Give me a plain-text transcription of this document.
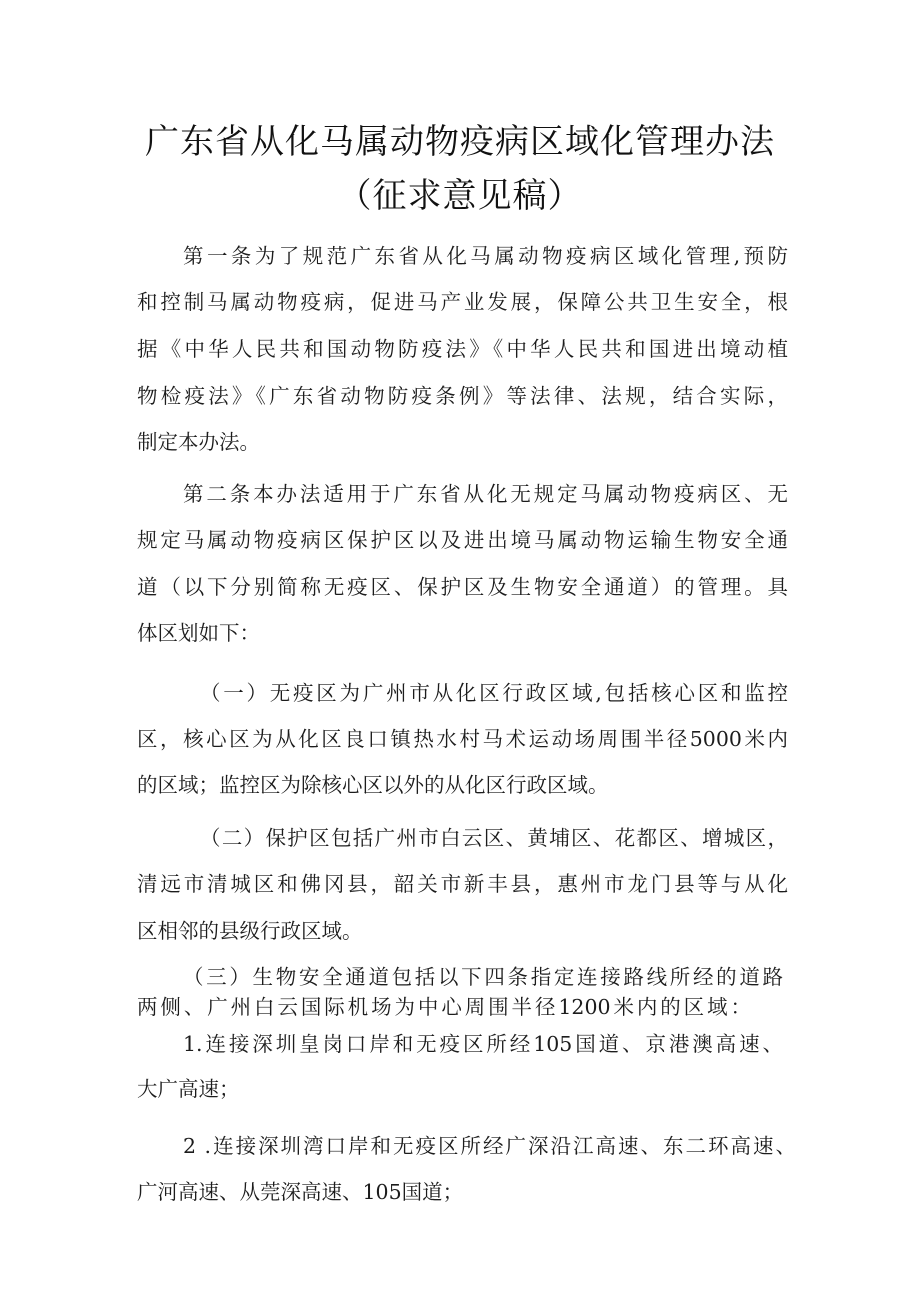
广东省从化马属动物疫病区域化管理办法
（征求意见稿）
第一条为了规范广东省从化马属动物疫病区域化管理,预防
和控制马属动物疫病，促进马产业发展，保障公共卫生安全，根
据《中华人民共和国动物防疫法》《中华人民共和国进出境动植
物检疫法》《广东省动物防疫条例》等法律、法规，结合实际，
制定本办法。
第二条本办法适用于广东省从化无规定马属动物疫病区、无
规定马属动物疫病区保护区以及进出境马属动物运输生物安全通
道（以下分别简称无疫区、保护区及生物安全通道）的管理。具
体区划如下：
（一）无疫区为广州市从化区行政区域,包括核心区和监控
区，核心区为从化区良口镇热水村马术运动场周围半径5000米内
的区域；监控区为除核心区以外的从化区行政区域。
（二）保护区包括广州市白云区、黄埔区、花都区、增城区，
清远市清城区和佛冈县，韶关市新丰县，惠州市龙门县等与从化
区相邻的县级行政区域。
（三）生物安全通道包括以下四条指定连接路线所经的道路
两侧、广州白云国际机场为中心周围半径1200米内的区域：
1.连接深圳皇岗口岸和无疫区所经105国道、京港澳高速、
大广高速；
2 .连接深圳湾口岸和无疫区所经广深沿江高速、东二环高速、
广河高速、从莞深高速、105国道；
